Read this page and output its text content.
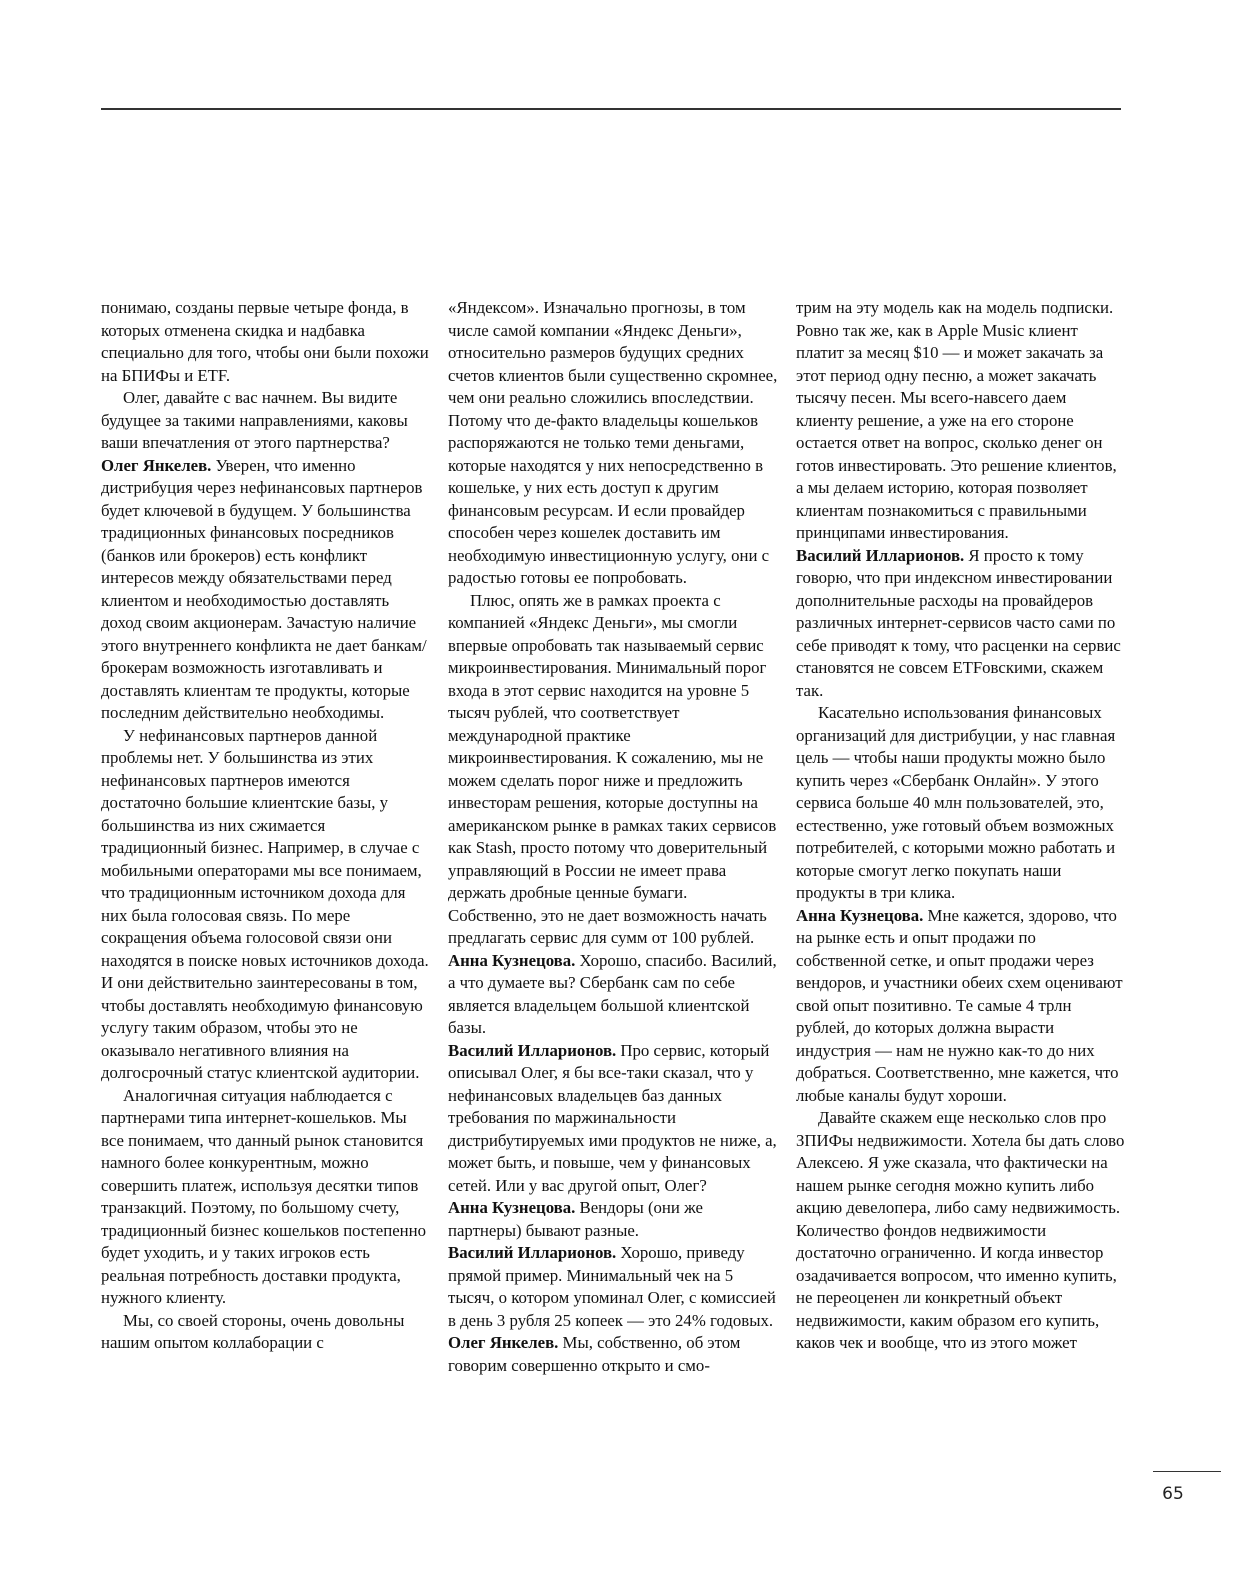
понимаю, созданы первые четыре фонда, в которых отменена скидка и надбавка специально для того, чтобы они были похожи на БПИФы и ETF.

Олег, давайте с вас начнем. Вы видите будущее за такими направлениями, каковы ваши впечатления от этого партнерства?

Олег Янкелев. Уверен, что именно дистрибуция через нефинансовых партнеров будет ключевой в будущем. У большинства традиционных финансовых посредников (банков или брокеров) есть конфликт интересов между обязательствами перед клиентом и необходимостью доставлять доход своим акционерам. Зачастую наличие этого внутреннего конфликта не дает банкам/брокерам возможность изготавливать и доставлять клиентам те продукты, которые последним действительно необходимы.

У нефинансовых партнеров данной проблемы нет. У большинства из этих нефинансовых партнеров имеются достаточно большие клиентские базы, у большинства из них сжимается традиционный бизнес. Например, в случае с мобильными операторами мы все понимаем, что традиционным источником дохода для них была голосовая связь. По мере сокращения объема голосовой связи они находятся в поиске новых источников дохода. И они действительно заинтересованы в том, чтобы доставлять необходимую финансовую услугу таким образом, чтобы это не оказывало негативного влияния на долгосрочный статус клиентской аудитории.

Аналогичная ситуация наблюдается с партнерами типа интернет-кошельков. Мы все понимаем, что данный рынок становится намного более конкурентным, можно совершить платеж, используя десятки типов транзакций. Поэтому, по большому счету, традиционный бизнес кошельков постепенно будет уходить, и у таких игроков есть реальная потребность доставки продукта, нужного клиенту.

Мы, со своей стороны, очень довольны нашим опытом коллаборации с

«Яндексом». Изначально прогнозы, в том числе самой компании «Яндекс Деньги», относительно размеров будущих средних счетов клиентов были существенно скромнее, чем они реально сложились впоследствии. Потому что де-факто владельцы кошельков распоряжаются не только теми деньгами, которые находятся у них непосредственно в кошельке, у них есть доступ к другим финансовым ресурсам. И если провайдер способен через кошелек доставить им необходимую инвестиционную услугу, они с радостью готовы ее попробовать.

Плюс, опять же в рамках проекта с компанией «Яндекс Деньги», мы смогли впервые опробовать так называемый сервис микроинвестирования. Минимальный порог входа в этот сервис находится на уровне 5 тысяч рублей, что соответствует международной практике микроинвестирования. К сожалению, мы не можем сделать порог ниже и предложить инвесторам решения, которые доступны на американском рынке в рамках таких сервисов как Stash, просто потому что доверительный управляющий в России не имеет права держать дробные ценные бумаги. Собственно, это не дает возможность начать предлагать сервис для сумм от 100 рублей.

Анна Кузнецова. Хорошо, спасибо. Василий, а что думаете вы? Сбербанк сам по себе является владельцем большой клиентской базы.

Василий Илларионов. Про сервис, который описывал Олег, я бы все-таки сказал, что у нефинансовых владельцев баз данных требования по маржинальности дистрибутируемых ими продуктов не ниже, а, может быть, и повыше, чем у финансовых сетей. Или у вас другой опыт, Олег?

Анна Кузнецова. Вендоры (они же партнеры) бывают разные.

Василий Илларионов. Хорошо, приведу прямой пример. Минимальный чек на 5 тысяч, о котором упоминал Олег, с комиссией в день 3 рубля 25 копеек — это 24% годовых.

Олег Янкелев. Мы, собственно, об этом говорим совершенно открыто и смо-

трим на эту модель как на модель подписки. Ровно так же, как в Apple Music клиент платит за месяц $10 — и может закачать за этот период одну песню, а может закачать тысячу песен. Мы всего-навсего даем клиенту решение, а уже на его стороне остается ответ на вопрос, сколько денег он готов инвестировать. Это решение клиентов, а мы делаем историю, которая позволяет клиентам познакомиться с правильными принципами инвестирования.

Василий Илларионов. Я просто к тому говорю, что при индексном инвестировании дополнительные расходы на провайдеров различных интернет-сервисов часто сами по себе приводят к тому, что расценки на сервис становятся не совсем ETFовскими, скажем так.

Касательно использования финансовых организаций для дистрибуции, у нас главная цель — чтобы наши продукты можно было купить через «Сбербанк Онлайн». У этого сервиса больше 40 млн пользователей, это, естественно, уже готовый объем возможных потребителей, с которыми можно работать и которые смогут легко покупать наши продукты в три клика.

Анна Кузнецова. Мне кажется, здорово, что на рынке есть и опыт продажи по собственной сетке, и опыт продажи через вендоров, и участники обеих схем оценивают свой опыт позитивно. Те самые 4 трлн рублей, до которых должна вырасти индустрия — нам не нужно как-то до них добраться. Соответственно, мне кажется, что любые каналы будут хороши.

Давайте скажем еще несколько слов про ЗПИФы недвижимости. Хотела бы дать слово Алексею. Я уже сказала, что фактически на нашем рынке сегодня можно купить либо акцию девелопера, либо саму недвижимость. Количество фондов недвижимости достаточно ограниченно. И когда инвестор озадачивается вопросом, что именно купить, не переоценен ли конкретный объект недвижимости, каким образом его купить, каков чек и вообще, что из этого может

65
